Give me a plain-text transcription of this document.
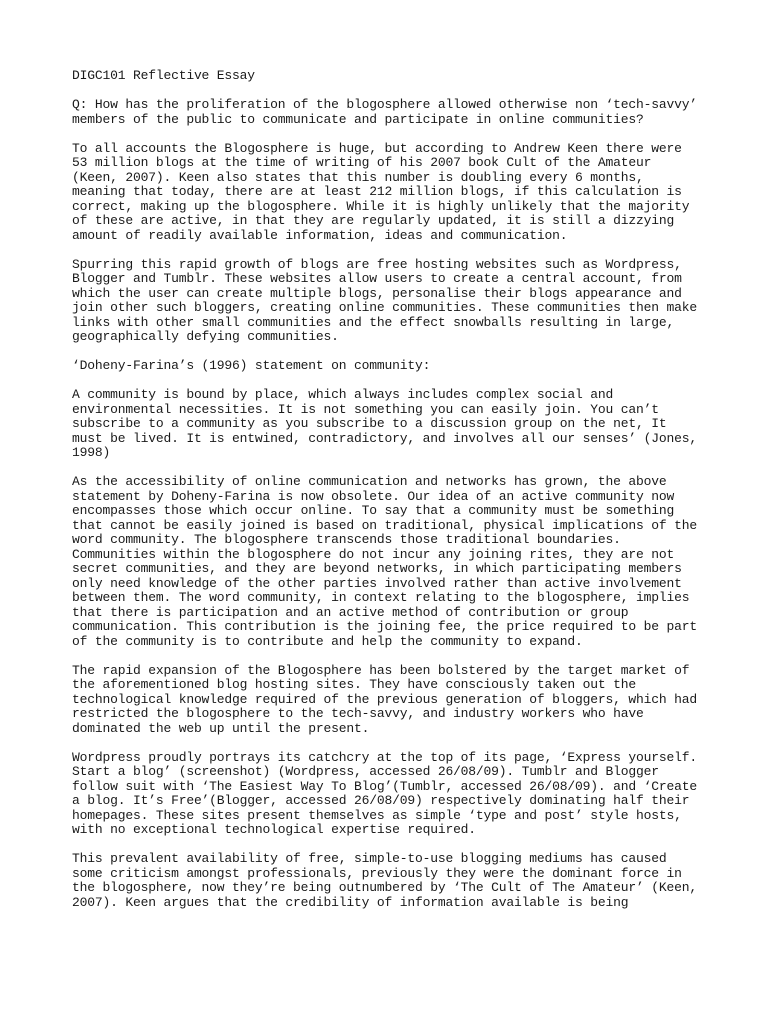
DIGC101 Reflective Essay

Q: How has the proliferation of the blogosphere allowed otherwise non ‘tech-savvy’

members of the public to communicate and participate in online communities?

To all accounts the Blogosphere is huge, but according to Andrew Keen there were

53 million blogs at the time of writing of his 2007 book Cult of the Amateur

(Keen, 2007). Keen also states that this number is doubling every 6 months,

meaning that today, there are at least 212 million blogs, if this calculation is

correct, making up the blogosphere. While it is highly unlikely that the majority

of these are active, in that they are regularly updated, it is still a dizzying

amount of readily available information, ideas and communication.

Spurring this rapid growth of blogs are free hosting websites such as Wordpress,

Blogger and Tumblr. These websites allow users to create a central account, from

which the user can create multiple blogs, personalise their blogs appearance and

join other such bloggers, creating online communities. These communities then make

links with other small communities and the effect snowballs resulting in large,

geographically defying communities.

‘Doheny-Farina’s (1996) statement on community:

A community is bound by place, which always includes complex social and

environmental necessities. It is not something you can easily join. You can’t

subscribe to a community as you subscribe to a discussion group on the net, It

must be lived. It is entwined, contradictory, and involves all our senses’ (Jones,

1998)

As the accessibility of online communication and networks has grown, the above

statement by Doheny-Farina is now obsolete. Our idea of an active community now

encompasses those which occur online. To say that a community must be something

that cannot be easily joined is based on traditional, physical implications of the

word community. The blogosphere transcends those traditional boundaries.

Communities within the blogosphere do not incur any joining rites, they are not

secret communities, and they are beyond networks, in which participating members

only need knowledge of the other parties involved rather than active involvement

between them. The word community, in context relating to the blogosphere, implies

that there is participation and an active method of contribution or group

communication. This contribution is the joining fee, the price required to be part

of the community is to contribute and help the community to expand.

The rapid expansion of the Blogosphere has been bolstered by the target market of

the aforementioned blog hosting sites. They have consciously taken out the

technological knowledge required of the previous generation of bloggers, which had

restricted the blogosphere to the tech-savvy, and industry workers who have

dominated the web up until the present.

Wordpress proudly portrays its catchcry at the top of its page, ‘Express yourself.

Start a blog’ (screenshot) (Wordpress, accessed 26/08/09). Tumblr and Blogger

follow suit with ‘The Easiest Way To Blog’(Tumblr, accessed 26/08/09). and ‘Create

a blog. It’s Free’(Blogger, accessed 26/08/09) respectively dominating half their

homepages. These sites present themselves as simple ‘type and post’ style hosts,

with no exceptional technological expertise required.

This prevalent availability of free, simple-to-use blogging mediums has caused

some criticism amongst professionals, previously they were the dominant force in

the blogosphere, now they’re being outnumbered by ‘The Cult of The Amateur’ (Keen,

2007). Keen argues that the credibility of information available is being
